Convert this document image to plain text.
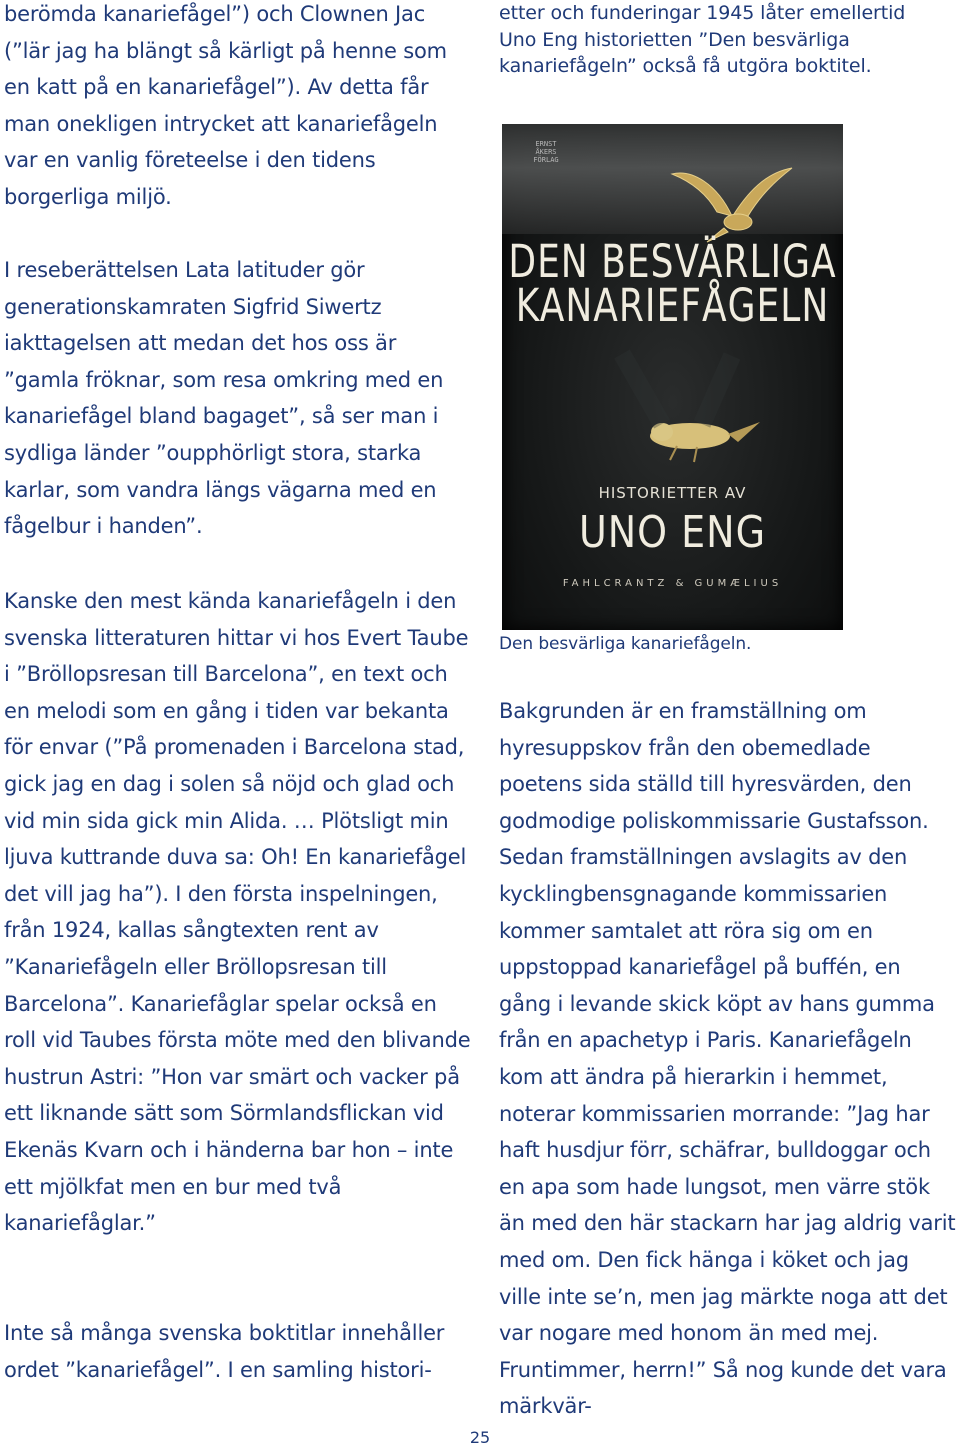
berömda kanariefågel”) och Clownen Jac (”lär jag ha blängt så kärligt på henne som en katt på en kanariefågel”). Av detta får man onekligen intrycket att kanariefågeln var en vanlig företeelse i den tidens borgerliga miljö.

I reseberättelsen Lata latituder gör generationskamraten Sigfrid Siwertz iakttagelsen att medan det hos oss är ”gamla fröknar, som resa omkring med en kanariefågel bland bagaget”, så ser man i sydliga länder ”oupphörligt stora, starka karlar, som vandra längs vägarna med en fågelbur i handen”.

Kanske den mest kända kanariefågeln i den svenska litteraturen hittar vi hos Evert Taube i ”Bröllopsresan till Barcelona”, en text och en melodi som en gång i tiden var bekanta för envar (”På promenaden i Barcelona stad, gick jag en dag i solen så nöjd och glad och vid min sida gick min Alida. … Plötsligt min ljuva kuttrande duva sa: Oh! En kanariefågel det vill jag ha”). I den första inspelningen, från 1924, kallas sångtexten rent av ”Kanariefågeln eller Bröllopsresan till Barcelona”. Kanariefåglar spelar också en roll vid Taubes första möte med den blivande hustrun Astri: ”Hon var smärt och vacker på ett liknande sätt som Sörmlandsflickan vid Ekenäs Kvarn och i händerna bar hon – inte ett mjölkfat men en bur med två kanariefåglar.”

Inte så många svenska boktitlar innehåller ordet ”kanariefågel”. I en samling histori-

etter och funderingar 1945 låter emellertid Uno Eng historietten ”Den besvärliga kanariefågeln” också få utgöra boktitel.

ERNST ÅKERS FÖRLAG
DEN BESVÄRLIGA
KANARIEFÅGELN
HISTORIETTER AV
UNO ENG
FAHLCRANTZ & GUMÆLIUS

Den besvärliga kanariefågeln.

Bakgrunden är en framställning om hyresuppskov från den obemedlade poetens sida ställd till hyresvärden, den godmodige poliskommissarie Gustafsson. Sedan framställningen avslagits av den kycklingbensgnagande kommissarien kommer samtalet att röra sig om en uppstoppad kanariefågel på buffén, en gång i levande skick köpt av hans gumma från en apachetyp i Paris. Kanariefågeln kom att ändra på hierarkin i hemmet, noterar kommissarien morrande: ”Jag har haft husdjur förr, schäfrar, bulldoggar och en apa som hade lungsot, men värre stök än med den här stackarn har jag aldrig varit med om. Den fick hänga i köket och jag ville inte se’n, men jag märkte noga att det var nogare med honom än med mej. Fruntimmer, herrn!” Så nog kunde det vara märkvär-

25
